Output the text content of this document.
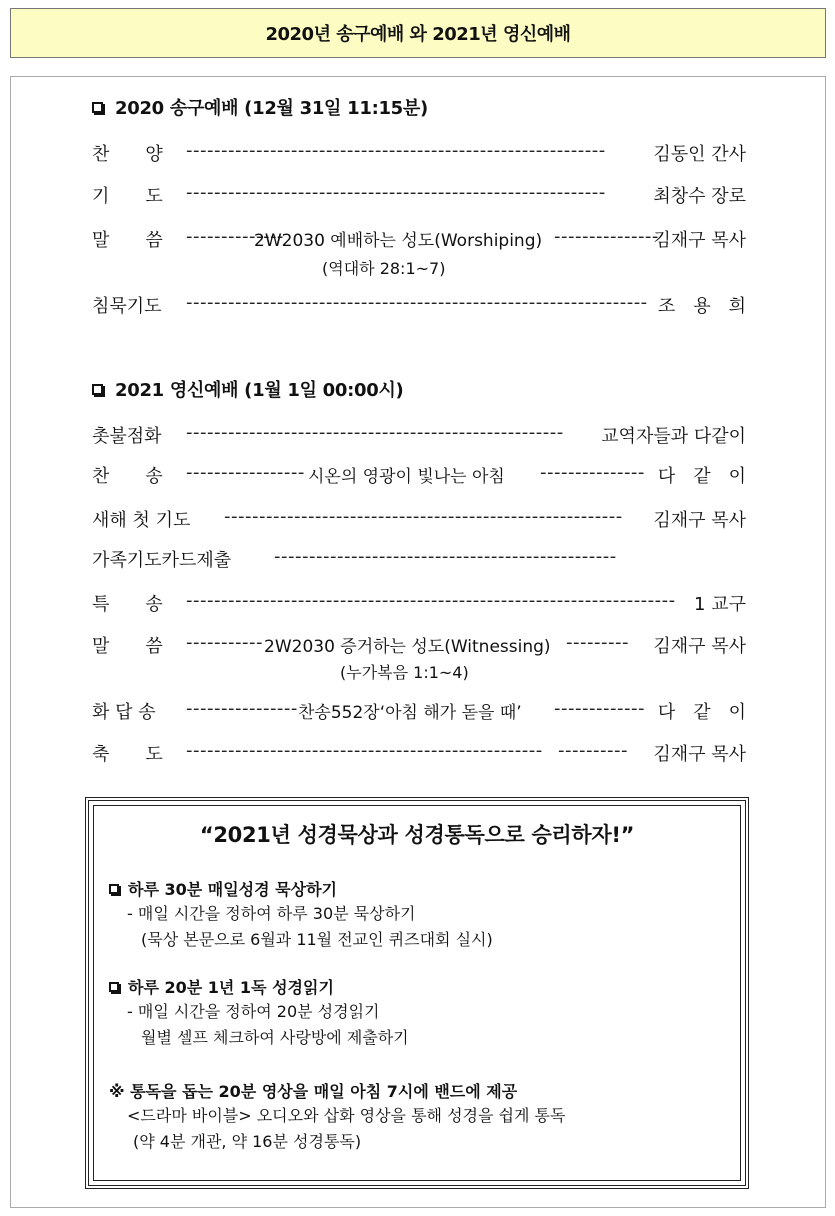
2020년 송구예배 와 2021년 영신예배
2020 송구예배 (12월 31일 11:15분)
찬　　양 ------------------------------------------------------------	김동인 간사
기　　도 ------------------------------------------------------------	최창수 장로
말　　씀 --------------
2W2030 예배하는 성도(Worshiping) ---------------
김재구 목사
(역대하 28:1~7)
침묵기도 ------------------------------------------------------------------ 조　용　희
2021 영신예배 (1월 1일 00:00시)
촛불점화 ------------------------------------------------------ 교역자들과 다같이
찬　　송 ----------------- 시온의 영광이 빛나는 아침 --------------- 다　같　이
새해 첫 기도 --------------------------------------------------------- 김재구 목사
가족기도카드제출 -------------------------------------------------
특　　송 ---------------------------------------------------------------------- 1 교구
말　　씀 ----------- 2W2030 증거하는 성도(Witnessing) --------- 김재구 목사
(누가복음 1:1~4)
화 답 송 ---------------- 찬송552장‘아침 해가 돋을 때’ ------------- 다　같　이
축　　도 --------------------------------------------------- ---------- 김재구 목사
“2021년 성경묵상과 성경통독으로 승리하자!”
하루 30분 매일성경 묵상하기
- 매일 시간을 정하여 하루 30분 묵상하기
(묵상 본문으로 6월과 11월 전교인 퀴즈대회 실시)
하루 20분 1년 1독 성경읽기
- 매일 시간을 정하여 20분 성경읽기
월별 셀프 체크하여 사랑방에 제출하기
※ 통독을 돕는 20분 영상을 매일 아침 7시에 밴드에 제공
<드라마 바이블> 오디오와 삽화 영상을 통해 성경을 쉽게 통독
(약 4분 개관, 약 16분 성경통독)
